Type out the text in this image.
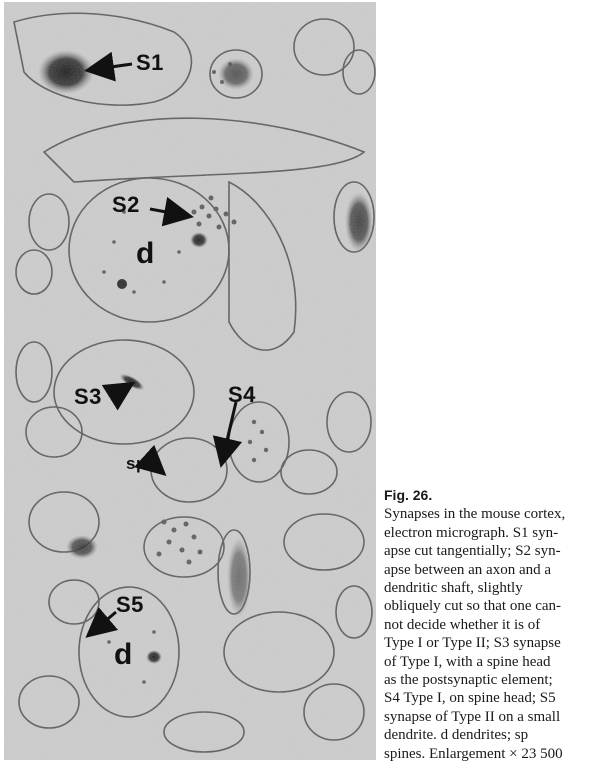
S1
S2
d
S3	S4
sp
S5
d
Fig. 26.
Synapses in the mouse cortex,
electron micrograph. S1 syn-
apse cut tangentially; S2 syn-
apse between an axon and a
dendritic shaft, slightly
obliquely cut so that one can-
not decide whether it is of
Type I or Type II; S3 synapse
of Type I, with a spine head
as the postsynaptic element;
S4 Type I, on spine head; S5
synapse of Type II on a small
dendrite. d dendrites; sp
spines. Enlargement × 23 500
